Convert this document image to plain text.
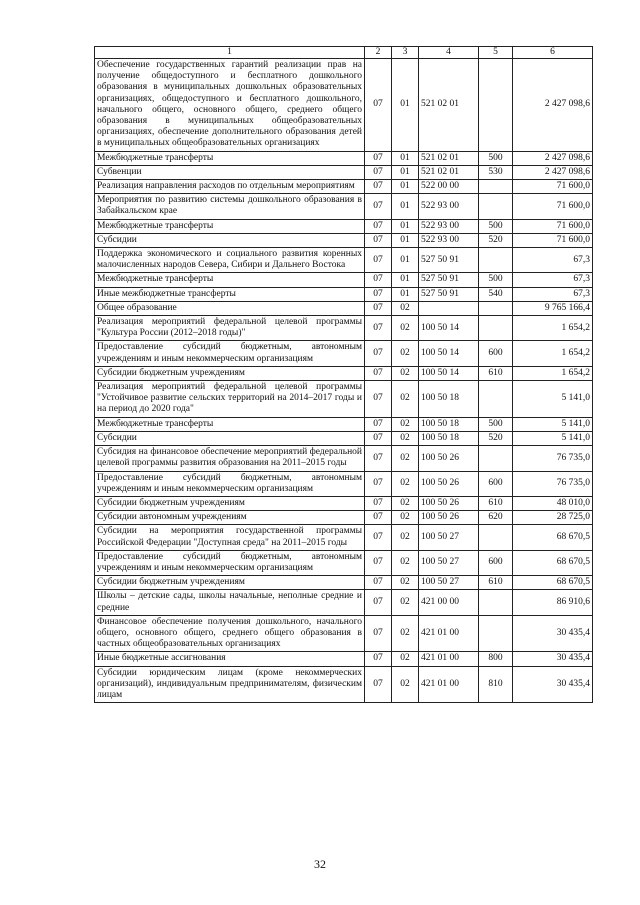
1	2	3	4	5	6
Обеспечение государственных гарантий реализации прав на получение общедоступного и бесплатного дошкольного образования в муниципальных дошкольных образовательных организациях, общедоступного и бесплатного дошкольного, начального общего, основного общего, среднего общего образования в муниципальных общеобразовательных организациях, обеспечение дополнительного образования детей в муниципальных общеобразовательных организациях	07	01	521 02 01		2 427 098,6
Межбюджетные трансферты	07	01	521 02 01	500	2 427 098,6
Субвенции	07	01	521 02 01	530	2 427 098,6
Реализация направления расходов по отдельным мероприятиям	07	01	522 00 00		71 600,0
Мероприятия по развитию системы дошкольного образования в Забайкальском крае	07	01	522 93 00		71 600,0
Межбюджетные трансферты	07	01	522 93 00	500	71 600,0
Субсидии	07	01	522 93 00	520	71 600,0
Поддержка экономического и социального развития коренных малочисленных народов Севера, Сибири и Дальнего Востока	07	01	527 50 91		67,3
Межбюджетные трансферты	07	01	527 50 91	500	67,3
Иные межбюджетные трансферты	07	01	527 50 91	540	67,3
Общее образование	07	02			9 765 166,4
Реализация мероприятий федеральной целевой программы "Культура России (2012–2018 годы)"	07	02	100 50 14		1 654,2
Предоставление субсидий бюджетным, автономным учреждениям и иным некоммерческим организациям	07	02	100 50 14	600	1 654,2
Субсидии бюджетным учреждениям	07	02	100 50 14	610	1 654,2
Реализация мероприятий федеральной целевой программы "Устойчивое развитие сельских территорий на 2014–2017 годы и на период до 2020 года"	07	02	100 50 18		5 141,0
Межбюджетные трансферты	07	02	100 50 18	500	5 141,0
Субсидии	07	02	100 50 18	520	5 141,0
Субсидия на финансовое обеспечение мероприятий федеральной целевой программы развития образования на 2011–2015 годы	07	02	100 50 26		76 735,0
Предоставление субсидий бюджетным, автономным учреждениям и иным некоммерческим организациям	07	02	100 50 26	600	76 735,0
Субсидии бюджетным учреждениям	07	02	100 50 26	610	48 010,0
Субсидии автономным учреждениям	07	02	100 50 26	620	28 725,0
Субсидии на мероприятия государственной программы Российской Федерации "Доступная среда" на 2011–2015 годы	07	02	100 50 27		68 670,5
Предоставление субсидий бюджетным, автономным учреждениям и иным некоммерческим организациям	07	02	100 50 27	600	68 670,5
Субсидии бюджетным учреждениям	07	02	100 50 27	610	68 670,5
Школы – детские сады, школы начальные, неполные средние и средние	07	02	421 00 00		86 910,6
Финансовое обеспечение получения дошкольного, начального общего, основного общего, среднего общего образования в частных общеобразовательных организациях	07	02	421 01 00		30 435,4
Иные бюджетные ассигнования	07	02	421 01 00	800	30 435,4
Субсидии юридическим лицам (кроме некоммерческих организаций), индивидуальным предпринимателям, физическим лицам	07	02	421 01 00	810	30 435,4
32
